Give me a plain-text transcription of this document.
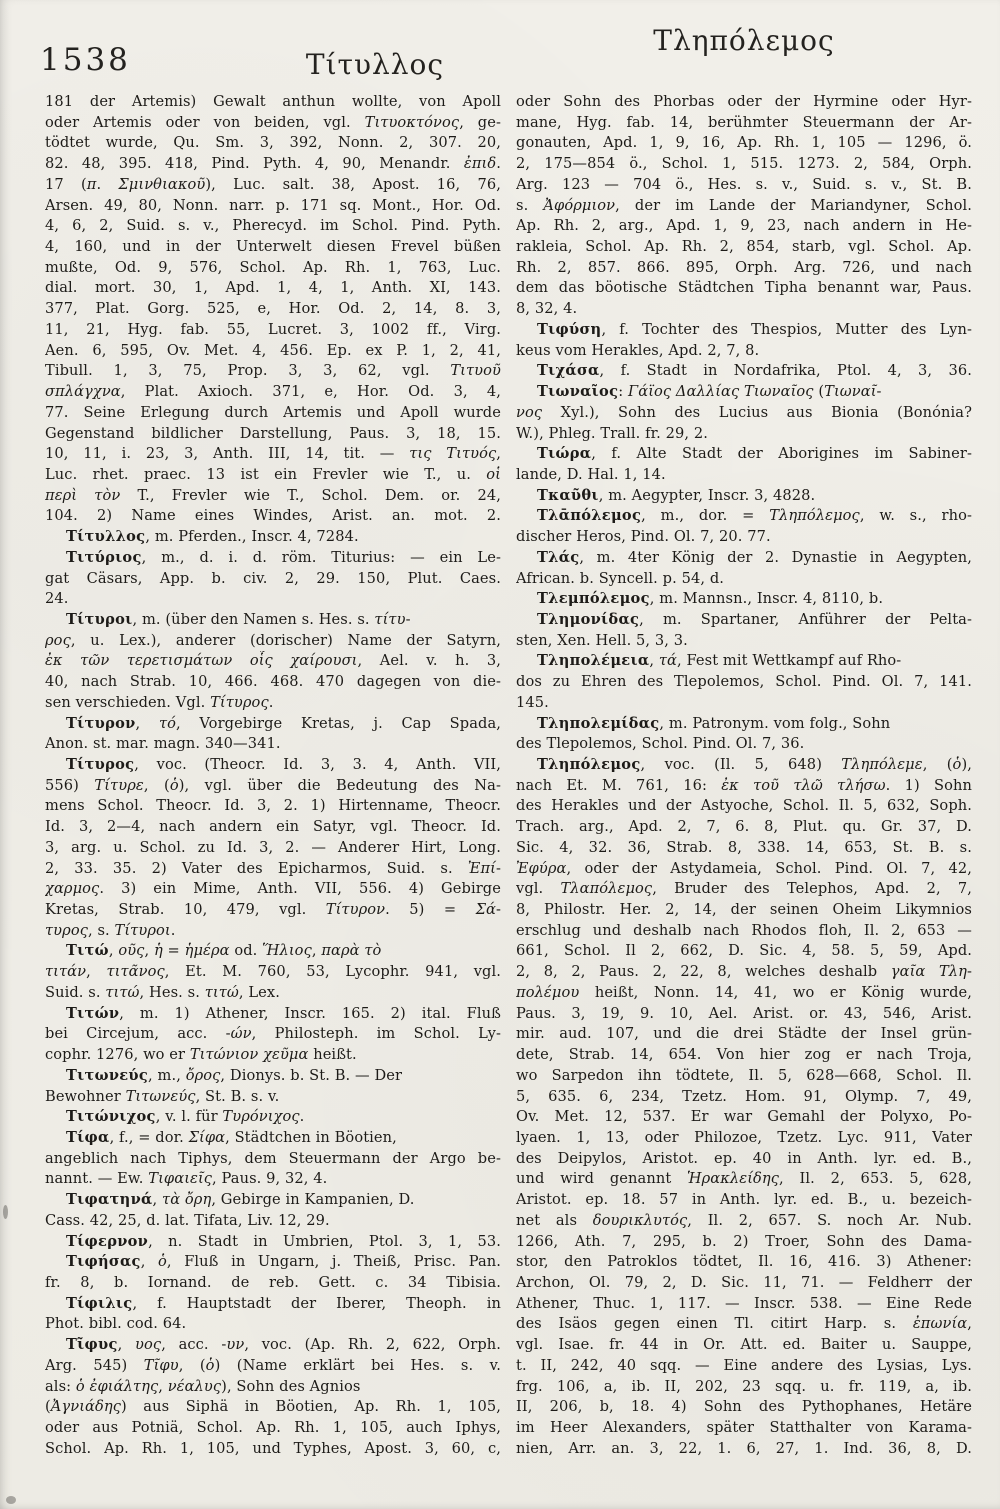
1538	Τίτυλλος
Τληπόλεμος
181 der Artemis) Gewalt anthun wollte, von Apoll
oder Artemis oder von beiden, vgl. Τιτυοκτόνος, ge-
tödtet wurde, Qu. Sm. 3, 392, Nonn. 2, 307. 20,
82. 48, 395. 418, Pind. Pyth. 4, 90, Menandr. ἐπιδ.
17 (π. Σμινθιακοῦ), Luc. salt. 38, Apost. 16, 76,
Arsen. 49, 80, Nonn. narr. p. 171 sq. Mont., Hor. Od.
4, 6, 2, Suid. s. v., Pherecyd. im Schol. Pind. Pyth.
4, 160, und in der Unterwelt diesen Frevel büßen
mußte, Od. 9, 576, Schol. Ap. Rh. 1, 763, Luc.
dial. mort. 30, 1, Apd. 1, 4, 1, Anth. XI, 143.
377, Plat. Gorg. 525, e, Hor. Od. 2, 14, 8. 3,
11, 21, Hyg. fab. 55, Lucret. 3, 1002 ff., Virg.
Aen. 6, 595, Ov. Met. 4, 456. Ep. ex P. 1, 2, 41,
Tibull. 1, 3, 75, Prop. 3, 3, 62, vgl. Τιτυοῦ
σπλάγχνα, Plat. Axioch. 371, e, Hor. Od. 3, 4,
77. Seine Erlegung durch Artemis und Apoll wurde
Gegenstand bildlicher Darstellung, Paus. 3, 18, 15.
10, 11, i. 23, 3, Anth. III, 14, tit. — τις Τιτυός,
Luc. rhet. praec. 13 ist ein Frevler wie T., u. οἱ
περὶ τὸν T., Frevler wie T., Schol. Dem. or. 24,
104. 2) Name eines Windes, Arist. an. mot. 2.
Τίτυλλος, m. Pferden., Inscr. 4, 7284.
Τιτύριος, m., d. i. d. röm. Titurius: — ein Le-
gat Cäsars, App. b. civ. 2, 29. 150, Plut. Caes.
24.
Τίτυροι, m. (über den Namen s. Hes. s. τίτυ-
ρος, u. Lex.), anderer (dorischer) Name der Satyrn,
ἐκ τῶν τερετισμάτων οἷς χαίρουσι, Ael. v. h. 3,
40, nach Strab. 10, 466. 468. 470 dagegen von die-
sen verschieden. Vgl. Τίτυρος.
Τίτυρον, τό, Vorgebirge Kretas, j. Cap Spada,
Anon. st. mar. magn. 340—341.
Τίτυρος, voc. (Theocr. Id. 3, 3. 4, Anth. VII,
556) Τίτυρε, (ὁ), vgl. über die Bedeutung des Na-
mens Schol. Theocr. Id. 3, 2. 1) Hirtenname, Theocr.
Id. 3, 2—4, nach andern ein Satyr, vgl. Theocr. Id.
3, arg. u. Schol. zu Id. 3, 2. — Anderer Hirt, Long.
2, 33. 35. 2) Vater des Epicharmos, Suid. s. Ἐπί-
χαρμος. 3) ein Mime, Anth. VII, 556. 4) Gebirge
Kretas, Strab. 10, 479, vgl. Τίτυρον. 5) = Σά-
τυρος, s. Τίτυροι.
Τιτώ, οῦς, ἡ = ἡμέρα od. Ἥλιος, παρὰ τὸ
τιτάν, τιτᾶνος, Et. M. 760, 53, Lycophr. 941, vgl.
Suid. s. τιτώ, Hes. s. τιτώ, Lex.
Τιτών, m. 1) Athener, Inscr. 165. 2) ital. Fluß
bei Circejum, acc. -ών, Philosteph. im Schol. Ly-
cophr. 1276, wo er Τιτώνιον χεῦμα heißt.
Τιτωνεύς, m., ὄρος, Dionys. b. St. B. — Der
Bewohner Τιτωνεύς, St. B. s. v.
Τιτώνιχος, v. l. für Τυρόνιχος.
Τίφα, f., = dor. Σίφα, Städtchen in Böotien,
angeblich nach Tiphys, dem Steuermann der Argo be-
nannt. — Ew. Τιφαιεῖς, Paus. 9, 32, 4.
Τιφατηνά, τὰ ὄρη, Gebirge in Kampanien, D.
Cass. 42, 25, d. lat. Tifata, Liv. 12, 29.
Τίφερνον, n. Stadt in Umbrien, Ptol. 3, 1, 53.
Τιφήσας, ὁ, Fluß in Ungarn, j. Theiß, Prisc. Pan.
fr. 8, b. Iornand. de reb. Gett. c. 34 Tibisia.
Τίφιλις, f. Hauptstadt der Iberer, Theoph. in
Phot. bibl. cod. 64.
Τῖφυς, υος, acc. -υν, voc. (Ap. Rh. 2, 622, Orph.
Arg. 545) Τῖφυ, (ὁ) (Name erklärt bei Hes. s. v.
als: ὁ ἐφιάλτης, νέαλυς), Sohn des Agnios
(Ἀγνιάδης) aus Siphä in Böotien, Ap. Rh. 1, 105,
oder aus Potniä, Schol. Ap. Rh. 1, 105, auch Iphys,
Schol. Ap. Rh. 1, 105, und Typhes, Apost. 3, 60, c,
oder Sohn des Phorbas oder der Hyrmine oder Hyr-
mane, Hyg. fab. 14, berühmter Steuermann der Ar-
gonauten, Apd. 1, 9, 16, Ap. Rh. 1, 105 — 1296, ö.
2, 175—854 ö., Schol. 1, 515. 1273. 2, 584, Orph.
Arg. 123 — 704 ö., Hes. s. v., Suid. s. v., St. B.
s. Ἀφόρμιον, der im Lande der Mariandyner, Schol.
Ap. Rh. 2, arg., Apd. 1, 9, 23, nach andern in He-
rakleia, Schol. Ap. Rh. 2, 854, starb, vgl. Schol. Ap.
Rh. 2, 857. 866. 895, Orph. Arg. 726, und nach
dem das böotische Städtchen Tipha benannt war, Paus.
8, 32, 4.
Τιφύση, f. Tochter des Thespios, Mutter des Lyn-
keus vom Herakles, Apd. 2, 7, 8.
Τιχάσα, f. Stadt in Nordafrika, Ptol. 4, 3, 36.
Τιωναῖος: Γάϊος Δαλλίας Τιωναῖος (Τιωναῖ-
νος Xyl.), Sohn des Lucius aus Bionia (Bonónia?
W.), Phleg. Trall. fr. 29, 2.
Τιώρα, f. Alte Stadt der Aborigines im Sabiner-
lande, D. Hal. 1, 14.
Τκαῦθι, m. Aegypter, Inscr. 3, 4828.
Τλᾱπόλεμος, m., dor. = Τληπόλεμος, w. s., rho-
discher Heros, Pind. Ol. 7, 20. 77.
Τλάς, m. 4ter König der 2. Dynastie in Aegypten,
African. b. Syncell. p. 54, d.
Τλεμπόλεμος, m. Mannsn., Inscr. 4, 8110, b.
Τλημονίδας, m. Spartaner, Anführer der Pelta-
sten, Xen. Hell. 5, 3, 3.
Τληπολέμεια, τά, Fest mit Wettkampf auf Rho-
dos zu Ehren des Tlepolemos, Schol. Pind. Ol. 7, 141.
145.
Τληπολεμίδας, m. Patronym. vom folg., Sohn
des Tlepolemos, Schol. Pind. Ol. 7, 36.
Τληπόλεμος, voc. (Il. 5, 648) Τληπόλεμε, (ὁ),
nach Et. M. 761, 16: ἐκ τοῦ τλῶ τλήσω. 1) Sohn
des Herakles und der Astyoche, Schol. Il. 5, 632, Soph.
Trach. arg., Apd. 2, 7, 6. 8, Plut. qu. Gr. 37, D.
Sic. 4, 32. 36, Strab. 8, 338. 14, 653, St. B. s.
Ἐφύρα, oder der Astydameia, Schol. Pind. Ol. 7, 42,
vgl. Τλαπόλεμος, Bruder des Telephos, Apd. 2, 7,
8, Philostr. Her. 2, 14, der seinen Oheim Likymnios
erschlug und deshalb nach Rhodos floh, Il. 2, 653 —
661, Schol. Il 2, 662, D. Sic. 4, 58. 5, 59, Apd.
2, 8, 2, Paus. 2, 22, 8, welches deshalb γαῖα Τλη-
πολέμου heißt, Nonn. 14, 41, wo er König wurde,
Paus. 3, 19, 9. 10, Ael. Arist. or. 43, 546, Arist.
mir. aud. 107, und die drei Städte der Insel grün-
dete, Strab. 14, 654. Von hier zog er nach Troja,
wo Sarpedon ihn tödtete, Il. 5, 628—668, Schol. Il.
5, 635. 6, 234, Tzetz. Hom. 91, Olymp. 7, 49,
Ov. Met. 12, 537. Er war Gemahl der Polyxo, Po-
lyaen. 1, 13, oder Philozoe, Tzetz. Lyc. 911, Vater
des Deipylos, Aristot. ep. 40 in Anth. lyr. ed. B.,
und wird genannt Ἡρακλείδης, Il. 2, 653. 5, 628,
Aristot. ep. 18. 57 in Anth. lyr. ed. B., u. bezeich-
net als δουρικλυτός, Il. 2, 657. S. noch Ar. Nub.
1266, Ath. 7, 295, b. 2) Troer, Sohn des Dama-
stor, den Patroklos tödtet, Il. 16, 416. 3) Athener:
Archon, Ol. 79, 2, D. Sic. 11, 71. — Feldherr der
Athener, Thuc. 1, 117. — Inscr. 538. — Eine Rede
des Isäos gegen einen Tl. citirt Harp. s. ἐπωνία,
vgl. Isae. fr. 44 in Or. Att. ed. Baiter u. Sauppe,
t. II, 242, 40 sqq. — Eine andere des Lysias, Lys.
frg. 106, a, ib. II, 202, 23 sqq. u. fr. 119, a, ib.
II, 206, b, 18. 4) Sohn des Pythophanes, Hetäre
im Heer Alexanders, später Statthalter von Karama-
nien, Arr. an. 3, 22, 1. 6, 27, 1. Ind. 36, 8, D.
